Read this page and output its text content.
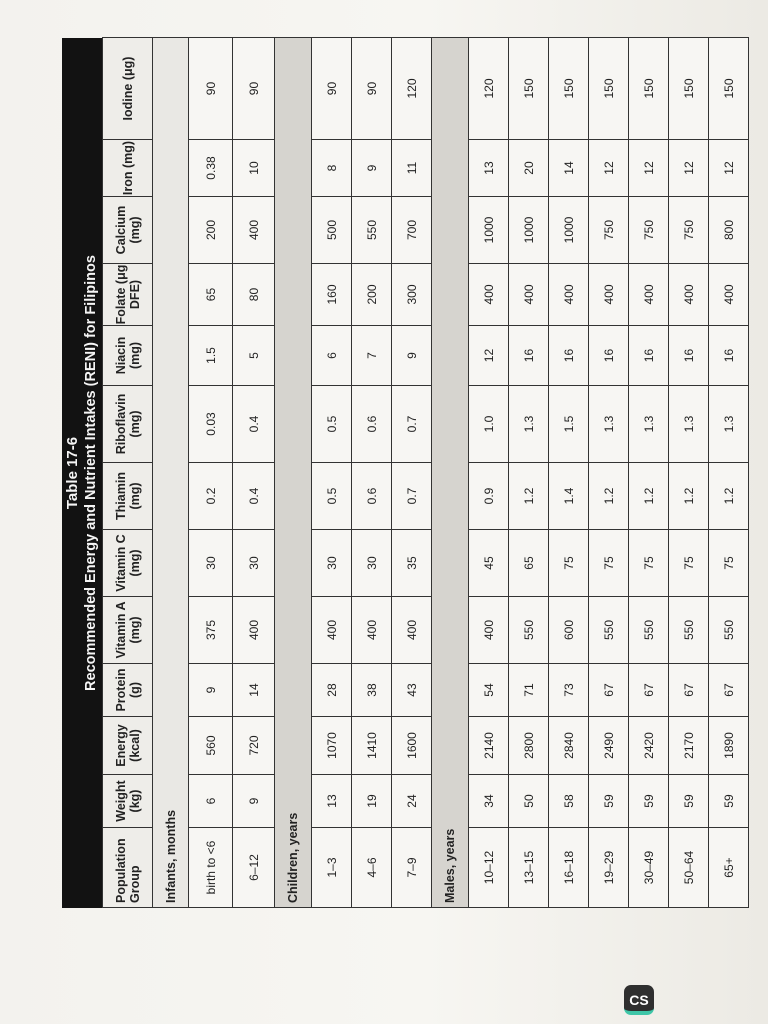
Table 17-6 Recommended Energy and Nutrient Intakes (RENI) for Filipinos
Population Group	Weight (kg)	Energy (kcal)	Protein (g)	Vitamin A (mg)	Vitamin C (mg)	Thiamin (mg)	Riboflavin (mg)	Niacin (mg)	Folate (μg DFE)	Calcium (mg)	Iron (mg)	Iodine (μg)
Infants, months												
birth to <6	6	560	9	375	30	0.2	0.03	1.5	65	200	0.38	90
6–12	9	720	14	400	30	0.4	0.4	5	80	400	10	90
Children, years												
1–3	13	1070	28	400	30	0.5	0.5	6	160	500	8	90
4–6	19	1410	38	400	30	0.6	0.6	7	200	550	9	90
7–9	24	1600	43	400	35	0.7	0.7	9	300	700	11	120
Males, years												
10–12	34	2140	54	400	45	0.9	1.0	12	400	1000	13	120
13–15	50	2800	71	550	65	1.2	1.3	16	400	1000	20	150
16–18	58	2840	73	600	75	1.4	1.5	16	400	1000	14	150
19–29	59	2490	67	550	75	1.2	1.3	16	400	750	12	150
30–49	59	2420	67	550	75	1.2	1.3	16	400	750	12	150
50–64	59	2170	67	550	75	1.2	1.3	16	400	750	12	150
65+	59	1890	67	550	75	1.2	1.3	16	400	800	12	150
CS
